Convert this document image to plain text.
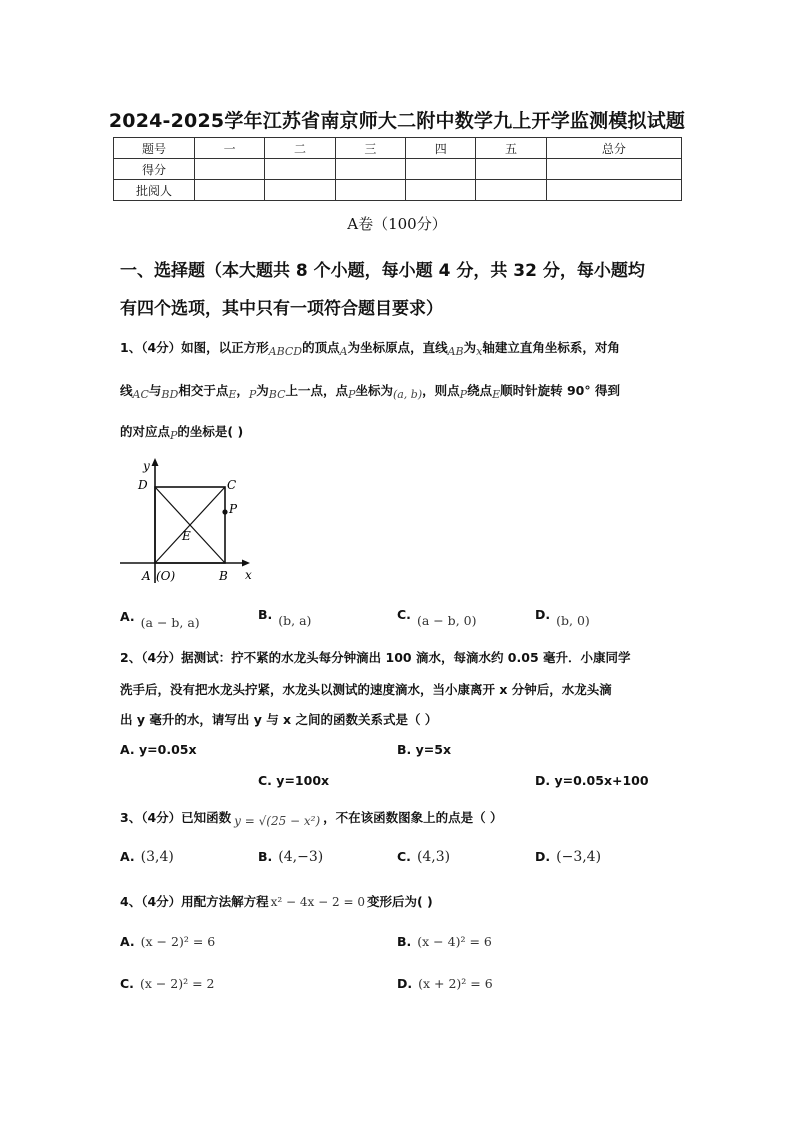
2024-2025学年江苏省南京师大二附中数学九上开学监测模拟试题
题号	一	二	三	四	五	总分
得分						
批阅人						
A卷（100分）
一、选择题（本大题共 8 个小题，每小题 4 分，共 32 分，每小题均
有四个选项，其中只有一项符合题目要求）
1、（4分）如图，以正方形ABCD的顶点A为坐标原点，直线AB为x轴建立直角坐标系，对角
线AC与BD相交于点E，P为BC上一点，点P坐标为(a, b)，则点P绕点E顺时针旋转 90° 得到
的对应点P的坐标是( )
y
x
D	C
P
E
A (O)	B
A. (a − b, a)
B. (b, a)	C. (a − b, 0)	D. (b, 0)
2、（4分）据测试：拧不紧的水龙头每分钟滴出 100 滴水，每滴水约 0.05 毫升．小康同学
洗手后，没有把水龙头拧紧，水龙头以测试的速度滴水，当小康离开 x 分钟后，水龙头滴
出 y 毫升的水，请写出 y 与 x 之间的函数关系式是（ ）
A. y=0.05x	B. y=5x
C. y=100x	D. y=0.05x+100
3、（4分）已知函数 y = √(25 − x²) ，不在该函数图象上的点是（ ）
A. (3,4)	B. (4,−3)	C. (4,3)	D. (−3,4)
4、（4分）用配方法解方程 x² − 4x − 2 = 0 变形后为( )
A. (x − 2)² = 6	B. (x − 4)² = 6
C. (x − 2)² = 2	D. (x + 2)² = 6
